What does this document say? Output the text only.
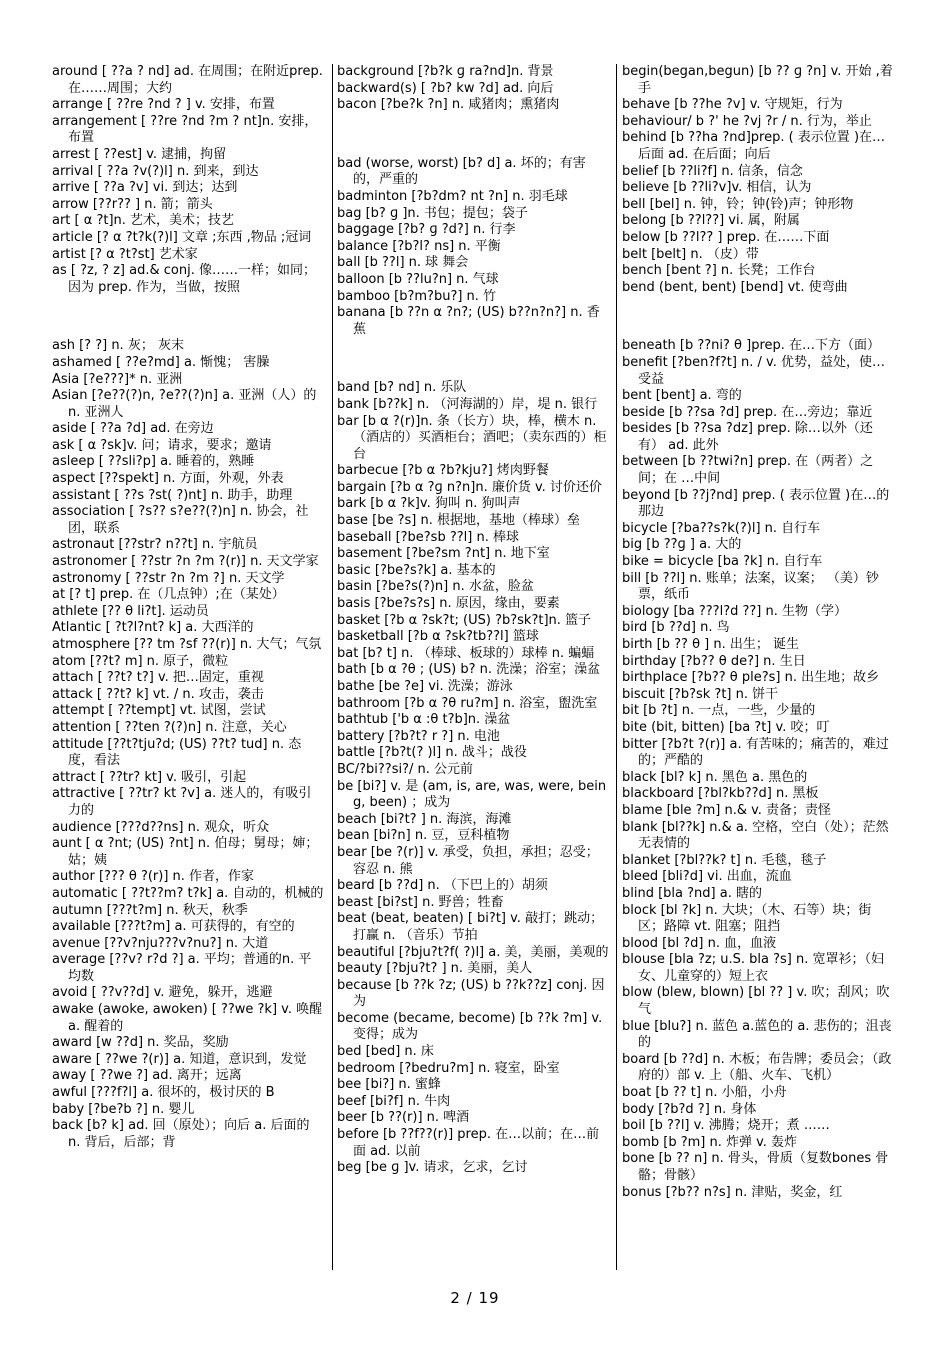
around [ ??a ? nd] ad. 在周围；在附近prep. 在……周围；大约

arrange [ ??re ?nd ? ] v. 安排，布置

arrangement [ ??re ?nd ?m ? nt]n. 安排，布置

arrest [ ??est] v. 逮捕，拘留

arrival [ ??a ?v(?)l] n. 到来，到达

arrive [ ??a ?v] vi. 到达；达到

arrow [??r?? ] n. 箭；箭头

art [ α ?t]n. 艺术，美术；技艺

article [? α ?t?k(?)l] 文章 ;东西 ,物品 ;冠词

artist [? α ?t?st] 艺术家

as [ ?z, ? z] ad.& conj. 像……一样；如同；因为 prep. 作为，当做，按照

ash [? ?] n. 灰； 灰末

ashamed [ ??e?md] a. 惭愧； 害臊

Asia [?e???]* n. 亚洲

Asian [?e??(?)n, ?e??(?)n] a. 亚洲（人）的 n. 亚洲人

aside [ ??a ?d] ad. 在旁边

ask [ α ?sk]v. 问；请求，要求；邀请

asleep [ ??sli?p] a. 睡着的，熟睡

aspect [??spekt] n. 方面，外观，外表

assistant [ ??s ?st( ?)nt] n. 助手，助理

association [ ?s?? s?e??(?)n] n. 协会，社团，联系

astronaut [??str? n??t] n. 宇航员

astronomer [ ??str ?n ?m ?(r)] n. 天文学家

astronomy [ ??str ?n ?m ?] n. 天文学

at [? t] prep. 在（几点钟）;在（某处）

athlete [?? θ li?t]. 运动员

Atlantic [ ?t?l?nt? k] a. 大西洋的

atmosphere [?? tm ?sf ??(r)] n. 大气；气氛

atom [??t? m] n. 原子，微粒

attach [ ??t? t?] v. 把…固定，重视

attack [ ??t? k] vt. / n. 攻击，袭击

attempt [ ??tempt] vt. 试图，尝试

attention [ ??ten ?(?)n] n. 注意，关心

attitude [??t?tju?d; (US) ??t? tud] n. 态度，看法

attract [ ??tr? kt] v. 吸引，引起

attractive [ ??tr? kt ?v] a. 迷人的，有吸引力的

audience [???d??ns] n. 观众，听众

aunt [ α ?nt; (US) ?nt] n. 伯母；舅母；婶；姑；姨

author [??? θ ?(r)] n. 作者，作家

automatic [ ??t??m? t?k] a. 自动的，机械的

autumn [???t?m] n. 秋天，秋季

available [???t?m] a. 可获得的，有空的

avenue [??v?nju???v?nu?] n. 大道

average [??v? r?d ?] a. 平均；普通的n. 平均数

avoid [ ??v??d] v. 避免，躲开，逃避

awake (awoke, awoken) [ ??we ?k] v. 唤醒 a. 醒着的

award [w ??d] n. 奖品，奖励

aware [ ??we ?(r)] a. 知道，意识到，发觉

away [ ??we ?] ad. 离开；远离

awful [???f?l] a. 很坏的，极讨厌的 B

baby [?be?b ?] n. 婴儿

back [b? k] ad. 回（原处）；向后 a. 后面的 n. 背后，后部；背

background [?b?k ɡ ra?nd]n. 背景

backward(s) [ ?b? kw ?d] ad. 向后

bacon [?be?k ?n] n. 咸猪肉；熏猪肉

bad (worse, worst) [b? d] a. 坏的；有害的，严重的

badminton [?b?dm? nt ?n] n. 羽毛球

bag [b? ɡ ]n. 书包；提包；袋子

baggage [?b? ɡ ?d?] n. 行李

balance [?b?l? ns] n. 平衡

ball [b ??l] n. 球 舞会

balloon [b ??lu?n] n. 气球

bamboo [b?m?bu?] n. 竹

banana [b ??n α ?n?; (US) b??n?n?] n. 香蕉

band [b? nd] n. 乐队

bank [b??k] n. （河海湖的）岸，堤 n. 银行

bar [b α ?(r)]n. 条（长方）块，棒，横木 n.（酒店的）买酒柜台；酒吧；（卖东西的）柜台

barbecue [?b α ?b?kju?] 烤肉野餐

bargain [?b α ?ɡ n?n]n. 廉价货 v. 讨价还价

bark [b α ?k]v. 狗叫 n. 狗叫声

base [be ?s] n. 根据地，基地（棒球）垒

baseball [?be?sb ??l] n. 棒球

basement [?be?sm ?nt] n. 地下室

basic [?be?s?k] a. 基本的

basin [?be?s(?)n] n. 水盆，脸盆

basis [?be?s?s] n. 原因，缘由，要素

basket [?b α ?sk?t; (US) ?b?sk?t]n. 篮子

basketball [?b α ?sk?tb??l] 篮球

bat [b? t] n. （棒球、板球的）球棒 n. 蝙蝠

bath [b α ?θ ; (US) b? n. 洗澡；浴室；澡盆

bathe [be ?e] vi. 洗澡；游泳

bathroom [?b α ?θ ru?m] n. 浴室，盥洗室

bathtub ['b α :θ t?b]n. 澡盆

battery [?b?t? r ?] n. 电池

battle [?b?t(? )l] n. 战斗；战役

BC/?bi??si?/ n. 公元前

be [bi?] v. 是 (am, is, are, was, were, being, been) ；成为

beach [bi?t? ] n. 海滨，海滩

bean [bi?n] n. 豆，豆科植物

bear [be ?(r)] v. 承受，负担，承担；忍受；容忍 n. 熊

beard [b ??d] n. （下巴上的）胡须

beast [bi?st] n. 野兽；牲畜

beat (beat, beaten) [ bi?t] v. 敲打；跳动；打赢 n. （音乐）节拍

beautiful [?bju?t?f( ?)l] a. 美，美丽，美观的

beauty [?bju?t? ] n. 美丽，美人

because [b ??k ?z; (US) b ??k??z] conj. 因为

become (became, become) [b ??k ?m] v. 变得；成为

bed [bed] n. 床

bedroom [?bedru?m] n. 寝室，卧室

bee [bi?] n. 蜜蜂

beef [bi?f] n. 牛肉

beer [b ??(r)] n. 啤酒

before [b ??f??(r)] prep. 在…以前；在…前面 ad. 以前

beg [be ɡ ]v. 请求，乞求，乞讨

begin(began,begun) [b ?? ɡ ?n] v. 开始 ,着手

behave [b ??he ?v] v. 守规矩，行为

behaviour/ b ?' he ?vj ?r / n. 行为，举止

behind [b ??ha ?nd]prep. ( 表示位置 )在…后面 ad. 在后面；向后

belief [b ??li?f] n. 信条，信念

believe [b ??li?v]v. 相信，认为

bell [bel] n. 钟，铃；钟(铃)声；钟形物

belong [b ??l??] vi. 属，附属

below [b ??l?? ] prep. 在……下面

belt [belt] n. （皮）带

bench [bent ?] n. 长凳；工作台

bend (bent, bent) [bend] vt. 使弯曲

beneath [b ??ni? θ ]prep. 在…下方（面）

benefit [?ben?f?t] n. / v. 优势，益处，使…受益

bent [bent] a. 弯的

beside [b ??sa ?d] prep. 在…旁边；靠近

besides [b ??sa ?dz] prep. 除…以外（还有） ad. 此外

between [b ??twi?n] prep. 在（两者）之间；在 …中间

beyond [b ??j?nd] prep. ( 表示位置 )在…的那边

bicycle [?ba??s?k(?)l] n. 自行车

big [b ??ɡ ] a. 大的

bike = bicycle [ba ?k] n. 自行车

bill [b ??l] n. 账单；法案，议案； （美）钞票，纸币

biology [ba ???l?d ??] n. 生物（学）

bird [b ??d] n. 鸟

birth [b ?? θ ] n. 出生； 诞生

birthday [?b?? θ de?] n. 生日

birthplace [?b?? θ ple?s] n. 出生地；故乡

biscuit [?b?sk ?t] n. 饼干

bit [b ?t] n. 一点，一些，少量的

bite (bit, bitten) [ba ?t] v. 咬；叮

bitter [?b?t ?(r)] a. 有苦味的；痛苦的，难过的；严酷的

black [bl? k] n. 黑色 a. 黑色的

blackboard [?bl?kb??d] n. 黑板

blame [ble ?m] n.& v. 责备；责怪

blank [bl??k] n.& a. 空格，空白（处）；茫然无表情的

blanket [?bl??k? t] n. 毛毯，毯子

bleed [bli?d] vi. 出血，流血

blind [bla ?nd] a. 瞎的

block [bl ?k] n. 大块；（木、石等）块；街区；路障 vt. 阻塞；阻挡

blood [bl ?d] n. 血，血液

blouse [bla ?z; u.S. bla ?s] n. 宽罩衫；（妇女、儿童穿的）短上衣

blow (blew, blown) [bl ?? ] v. 吹；刮风；吹气

blue [blu?] n. 蓝色 a.蓝色的 a. 悲伤的；沮丧的

board [b ??d] n. 木板；布告牌；委员会；（政府的）部 v. 上（船、火车、飞机）

boat [b ?? t] n. 小船，小舟

body [?b?d ?] n. 身体

boil [b ??l] v. 沸腾；烧开；煮 ……

bomb [b ?m] n. 炸弹 v. 轰炸

bone [b ?? n] n. 骨头，骨质（复数bones 骨骼；骨骸）

bonus [?b?? n?s] n. 津贴，奖金，红

2 / 19
